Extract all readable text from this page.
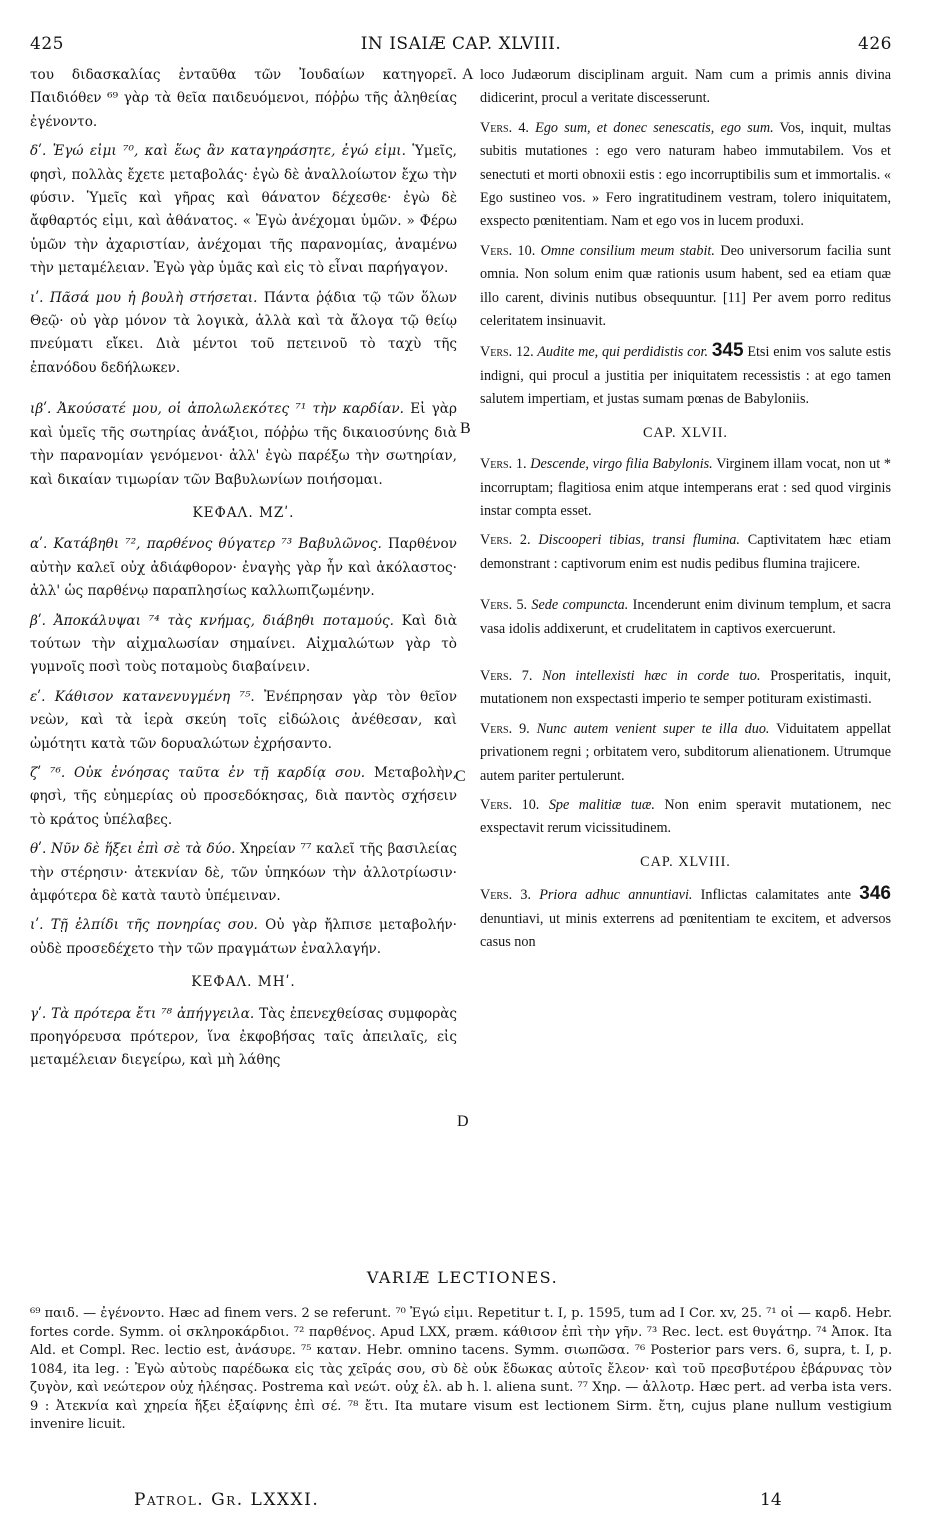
425	IN ISAIÆ CAP. XLVIII.	426

του διδασκαλίας ἐνταῦθα τῶν Ἰουδαίων κατηγορεῖ. Παιδιόθεν ⁶⁹ γὰρ τὰ θεῖα παιδευόμενοι, πόῤῥω τῆς ἀληθείας ἐγένοντο.

δʹ. Ἐγώ εἰμι ⁷⁰, καὶ ἕως ἂν καταγηράσητε, ἐγώ εἰμι. Ὑμεῖς, φησὶ, πολλὰς ἔχετε μεταβολάς· ἐγὼ δὲ ἀναλλοίωτον ἔχω τὴν φύσιν. Ὑμεῖς καὶ γῆρας καὶ θάνατον δέχεσθε· ἐγὼ δὲ ἄφθαρτός εἰμι, καὶ ἀθάνατος. « Ἐγὼ ἀνέχομαι ὑμῶν. » Φέρω ὑμῶν τὴν ἀχαριστίαν, ἀνέχομαι τῆς παρανομίας, ἀναμένω τὴν μεταμέλειαν. Ἐγὼ γὰρ ὑμᾶς καὶ εἰς τὸ εἶναι παρήγαγον.

ιʹ. Πᾶσά μου ἡ βουλὴ στήσεται. Πάντα ῥᾴδια τῷ τῶν ὅλων Θεῷ· οὐ γὰρ μόνον τὰ λογικὰ, ἀλλὰ καὶ τὰ ἄλογα τῷ θείῳ πνεύματι εἴκει. Διὰ μέντοι τοῦ πετεινοῦ τὸ ταχὺ τῆς ἐπανόδου δεδήλωκεν.

ιβʹ. Ἀκούσατέ μου, οἱ ἀπολωλεκότες ⁷¹ τὴν καρδίαν. Εἰ γὰρ καὶ ὑμεῖς τῆς σωτηρίας ἀνάξιοι, πόῤῥω τῆς δικαιοσύνης διὰ τὴν παρανομίαν γενόμενοι· ἀλλ' ἐγὼ παρέξω τὴν σωτηρίαν, καὶ δικαίαν τιμωρίαν τῶν Βαβυλωνίων ποιήσομαι.

ΚΕΦΑΛ. ΜΖʹ.

αʹ. Κατάβηθι ⁷², παρθένος θύγατερ ⁷³ Βαβυλῶνος. Παρθένον αὐτὴν καλεῖ οὐχ ἀδιάφθορον· ἐναγὴς γὰρ ἦν καὶ ἀκόλαστος· ἀλλ' ὡς παρθένῳ παραπλησίως καλλωπιζωμένην.

βʹ. Ἀποκάλυψαι ⁷⁴ τὰς κνήμας, διάβηθι ποταμούς. Καὶ διὰ τούτων τὴν αἰχμαλωσίαν σημαίνει. Αἰχμαλώτων γὰρ τὸ γυμνοῖς ποσὶ τοὺς ποταμοὺς διαβαίνειν.

εʹ. Κάθισον κατανενυγμένη ⁷⁵. Ἐνέπρησαν γὰρ τὸν θεῖον νεὼν, καὶ τὰ ἱερὰ σκεύη τοῖς εἰδώλοις ἀνέθεσαν, καὶ ὠμότητι κατὰ τῶν δορυαλώτων ἐχρήσαντο.

ζʹ ⁷⁶. Οὐκ ἐνόησας ταῦτα ἐν τῇ καρδίᾳ σου. Μεταβολὴν, φησὶ, τῆς εὐημερίας οὐ προσεδόκησας, διὰ παντὸς σχήσειν τὸ κράτος ὑπέλαβες.

θʹ. Νῦν δὲ ἥξει ἐπὶ σὲ τὰ δύο. Χηρείαν ⁷⁷ καλεῖ τῆς βασιλείας τὴν στέρησιν· ἀτεκνίαν δὲ, τῶν ὑπηκόων τὴν ἀλλοτρίωσιν· ἀμφότερα δὲ κατὰ ταυτὸ ὑπέμειναν.

ιʹ. Τῇ ἐλπίδι τῆς πονηρίας σου. Οὐ γὰρ ἤλπισε μεταβολήν· οὐδὲ προσεδέχετο τὴν τῶν πραγμάτων ἐναλλαγήν.

ΚΕΦΑΛ. ΜΗʹ.

γʹ. Τὰ πρότερα ἔτι ⁷⁸ ἀπήγγειλα. Τὰς ἐπενεχθείσας συμφορὰς προηγόρευσα πρότερον, ἵνα ἐκφοβήσας ταῖς ἀπειλαῖς, εἰς μεταμέλειαν διεγείρω, καὶ μὴ λάθης

A
B
C
D

loco Judæorum disciplinam arguit. Nam cum a primis annis divina didicerint, procul a veritate discesserunt.

Vers. 4. Ego sum, et donec senescatis, ego sum. Vos, inquit, multas subitis mutationes : ego vero naturam habeo immutabilem. Vos et senectuti et morti obnoxii estis : ego incorruptibilis sum et immortalis. « Ego sustineo vos. » Fero ingratitudinem vestram, tolero iniquitatem, exspecto pœnitentiam. Nam et ego vos in lucem produxi.

Vers. 10. Omne consilium meum stabit. Deo universorum facilia sunt omnia. Non solum enim quæ rationis usum habent, sed ea etiam quæ illo carent, divinis nutibus obsequuntur. [11] Per avem porro reditus celeritatem insinuavit.

Vers. 12. Audite me, qui perdidistis cor. 345 Etsi enim vos salute estis indigni, qui procul a justitia per iniquitatem recessistis : at ego tamen salutem impertiam, et justas sumam pœnas de Babyloniis.

CAP. XLVII.

Vers. 1. Descende, virgo filia Babylonis. Virginem illam vocat, non ut * incorruptam; flagitiosa enim atque intemperans erat : sed quod virginis instar compta esset.

Vers. 2. Discooperi tibias, transi flumina. Captivitatem hæc etiam demonstrant : captivorum enim est nudis pedibus flumina trajicere.

Vers. 5. Sede compuncta. Incenderunt enim divinum templum, et sacra vasa idolis addixerunt, et crudelitatem in captivos exercuerunt.

Vers. 7. Non intellexisti hæc in corde tuo. Prosperitatis, inquit, mutationem non exspectasti imperio te semper potituram existimasti.

Vers. 9. Nunc autem venient super te illa duo. Viduitatem appellat privationem regni ; orbitatem vero, subditorum alienationem. Utrumque autem pariter pertulerunt.

Vers. 10. Spe malitiæ tuæ. Non enim speravit mutationem, nec exspectavit rerum vicissitudinem.

CAP. XLVIII.

Vers. 3. Priora adhuc annuntiavi. Inflictas calamitates ante 346 denuntiavi, ut minis exterrens ad pœnitentiam te excitem, et adversos casus non

VARIÆ LECTIONES.
⁶⁹ παιδ. — ἐγένοντο. Hæc ad finem vers. 2 se referunt. ⁷⁰ Ἐγώ εἰμι. Repetitur t. I, p. 1595, tum ad I Cor. xv, 25. ⁷¹ οἱ — καρδ. Hebr. fortes corde. Symm. οἱ σκληροκάρδιοι. ⁷² παρθένος. Apud LXX, præm. κάθισον ἐπὶ τὴν γῆν. ⁷³ Rec. lect. est θυγάτηρ. ⁷⁴ Ἀποκ. Ita Ald. et Compl. Rec. lectio est, ἀνάσυρε. ⁷⁵ καταν. Hebr. omnino tacens. Symm. σιωπῶσα. ⁷⁶ Posterior pars vers. 6, supra, t. I, p. 1084, ita leg. : Ἐγὼ αὐτοὺς παρέδωκα εἰς τὰς χεῖράς σου, σὺ δὲ οὐκ ἔδωκας αὐτοῖς ἔλεον· καὶ τοῦ πρεσβυτέρου ἐβάρυνας τὸν ζυγὸν, καὶ νεώτερον οὐχ ἠλέησας. Postrema καὶ νεώτ. οὐχ ἐλ. ab h. l. aliena sunt. ⁷⁷ Χηρ. — ἀλλοτρ. Hæc pert. ad verba ista vers. 9 : Ἀτεκνία καὶ χηρεία ἥξει ἐξαίφνης ἐπὶ σέ. ⁷⁸ ἔτι. Ita mutare visum est lectionem Sirm. ἔτη, cujus plane nullum vestigium invenire licuit.
Patrol. Gr. LXXXI.	14
